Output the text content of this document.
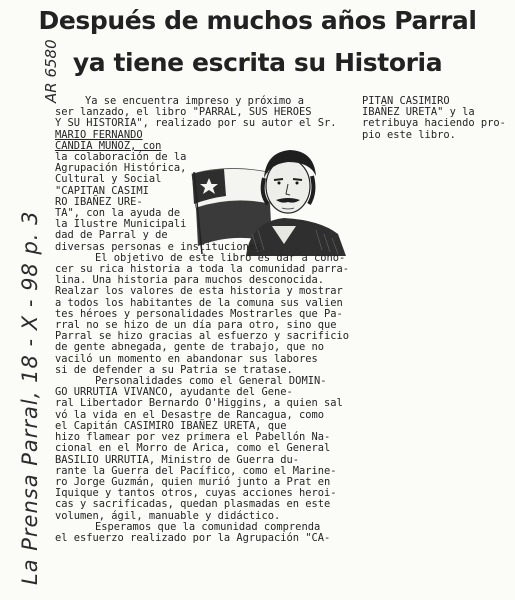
Después de muchos años Parral
ya tiene escrita su Historia
AR 6580
La Prensa Parral, 18 - X - 98 p. 3
Ya se encuentra impreso y próximo a
ser lanzado, el libro "PARRAL, SUS HEROES
Y SU HISTORIA", realizado por su autor el Sr.
MARIO FERNANDO
CANDIA MUÑOZ, con
la colaboración de la
Agrupación Histórica,
Cultural y Social
"CAPITAN CASIMI
RO IBAÑEZ URE-
TA", con la ayuda de
la Ilustre Municipali
dad de Parral y de
diversas personas e instituciones
El objetivo de este libro es dar a cono-
cer su rica historia a toda la comunidad parra-
lina. Una historia para muchos desconocida.
Realzar los valores de esta historia y mostrar
a todos los habitantes de la comuna sus valien
tes héroes y personalidades Mostrarles que Pa-
rral no se hizo de un día para otro, sino que
Parral se hizo gracias al esfuerzo y sacrificio
de gente abnegada, gente de trabajo, que no
vaciló un momento en abandonar sus labores
si de defender a su Patria se tratase.
Personalidades como el General DOMIN-
GO URRUTIA VIVANCO, ayudante del Gene-
ral Libertador Bernardo O'Higgins, a quien sal
vó la vida en el Desastre de Rancagua, como
el Capitán CASIMIRO IBAÑEZ URETA, que
hizo flamear por vez primera el Pabellón Na-
cional en el Morro de Arica, como el General
BASILIO URRUTIA, Ministro de Guerra du-
rante la Guerra del Pacífico, como el Marine-
ro Jorge Guzmán, quien murió junto a Prat en
Iquique y tantos otros, cuyas acciones heroi-
cas y sacrificadas, quedan plasmadas en este
volumen, ágil, manuable y didáctico.
Esperamos que la comunidad comprenda
el esfuerzo realizado por la Agrupación "CA-
PITAN CASIMIRO
IBAÑEZ URETA" y la
retribuya haciendo pro-
pio este libro.
